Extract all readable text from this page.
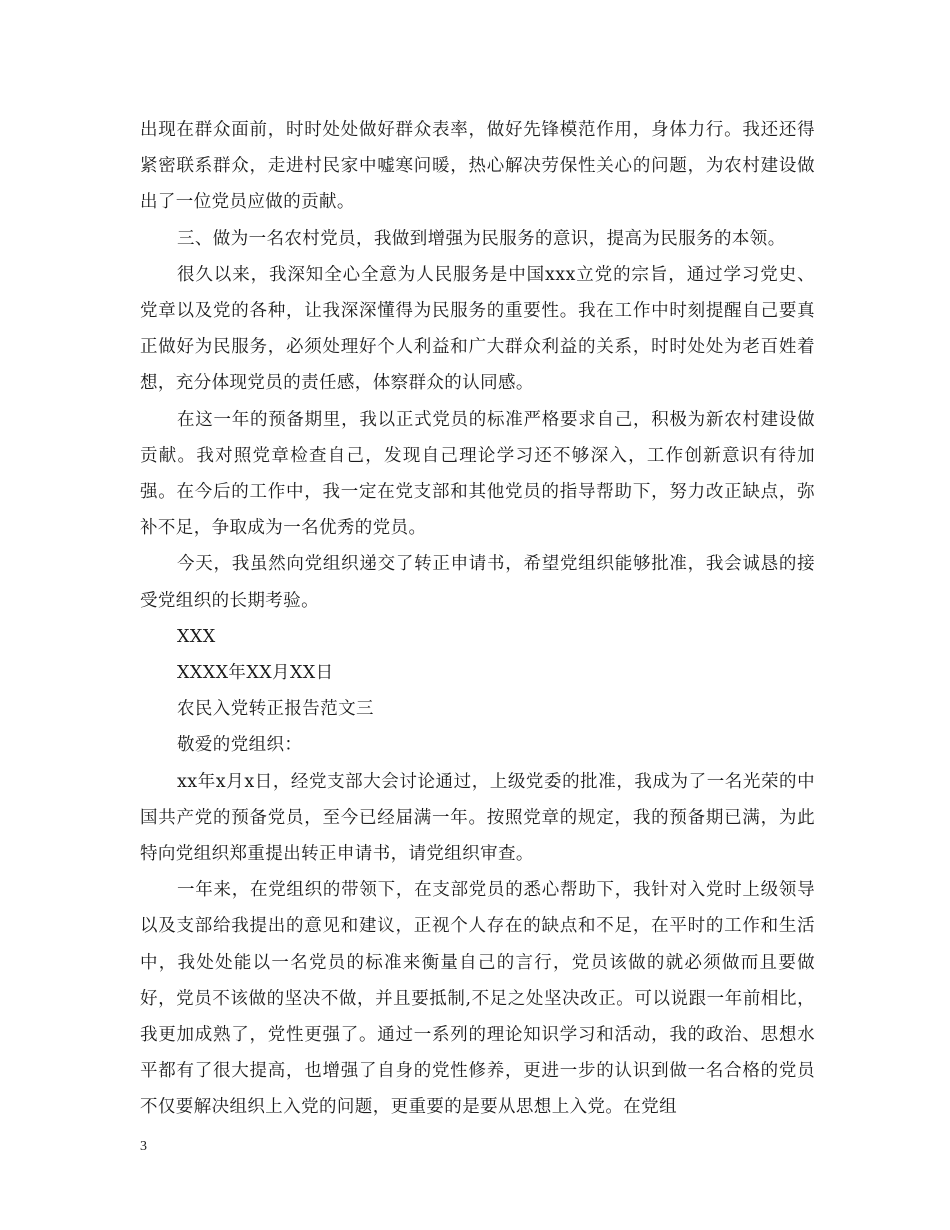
出现在群众面前，时时处处做好群众表率，做好先锋模范作用，身体力行。我还还得紧密联系群众，走进村民家中嘘寒问暖，热心解决劳保性关心的问题，为农村建设做出了一位党员应做的贡献。

三、做为一名农村党员，我做到增强为民服务的意识，提高为民服务的本领。

很久以来，我深知全心全意为人民服务是中国xxx立党的宗旨，通过学习党史、党章以及党的各种，让我深深懂得为民服务的重要性。我在工作中时刻提醒自己要真正做好为民服务，必须处理好个人利益和广大群众利益的关系，时时处处为老百姓着想，充分体现党员的责任感，体察群众的认同感。

在这一年的预备期里，我以正式党员的标准严格要求自己，积极为新农村建设做贡献。我对照党章检查自己，发现自己理论学习还不够深入，工作创新意识有待加强。在今后的工作中，我一定在党支部和其他党员的指导帮助下，努力改正缺点，弥补不足，争取成为一名优秀的党员。

今天，我虽然向党组织递交了转正申请书，希望党组织能够批准，我会诚恳的接受党组织的长期考验。

XXX

XXXX年XX月XX日

农民入党转正报告范文三

敬爱的党组织：

xx年x月x日，经党支部大会讨论通过，上级党委的批准，我成为了一名光荣的中国共产党的预备党员，至今已经届满一年。按照党章的规定，我的预备期已满，为此特向党组织郑重提出转正申请书，请党组织审查。

一年来，在党组织的带领下，在支部党员的悉心帮助下，我针对入党时上级领导以及支部给我提出的意见和建议，正视个人存在的缺点和不足，在平时的工作和生活中，我处处能以一名党员的标准来衡量自己的言行，党员该做的就必须做而且要做好，党员不该做的坚决不做，并且要抵制,不足之处坚决改正。可以说跟一年前相比，我更加成熟了，党性更强了。通过一系列的理论知识学习和活动，我的政治、思想水平都有了很大提高，也增强了自身的党性修养，更进一步的认识到做一名合格的党员不仅要解决组织上入党的问题，更重要的是要从思想上入党。在党组

3
